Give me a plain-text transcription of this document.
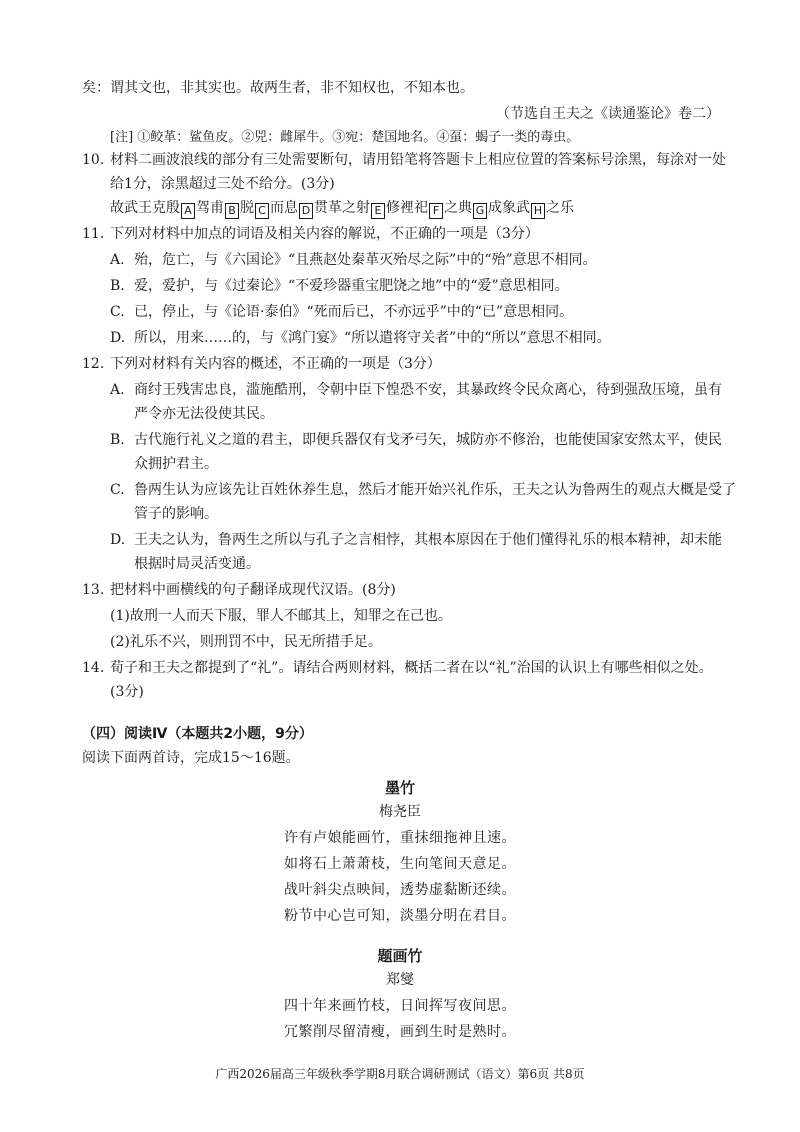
矣：谓其文也，非其实也。故两生者，非不知权也，不知本也。
（节选自王夫之《读通鉴论》卷二）
[注] ①鲛革：鲨鱼皮。②兕：雌犀牛。③宛：楚国地名。④虿：蝎子一类的毒虫。
10. 材料二画波浪线的部分有三处需要断句，请用铅笔将答题卡上相应位置的答案标号涂黑，每涂对一处
给1分，涂黑超过三处不给分。(3分)
故武王克殷 A 驾甫 B 脱 C 而息 D 贯革之射 E 修裡祀 F 之典 G 成象武 H 之乐
11. 下列对材料中加点的词语及相关内容的解说，不正确的一项是（3分）
A. 殆，危亡，与《六国论》“且燕赵处秦革灭殆尽之际”中的“殆”意思不相同。
B. 爱，爱护，与《过秦论》“不爱珍器重宝肥饶之地”中的“爱”意思相同。
C. 已，停止，与《论语·泰伯》“死而后已，不亦远乎”中的“已”意思相同。
D. 所以，用来……的，与《鸿门宴》“所以遣将守关者”中的“所以”意思不相同。
12. 下列对材料有关内容的概述，不正确的一项是（3分）
A. 商纣王残害忠良，滥施酷刑，令朝中臣下惶恐不安，其暴政终令民众离心，待到强敌压境，虽有
严令亦无法役使其民。
B. 古代施行礼义之道的君主，即便兵器仅有戈矛弓矢，城防亦不修治，也能使国家安然太平，使民
众拥护君主。
C. 鲁两生认为应该先让百姓休养生息，然后才能开始兴礼作乐，王夫之认为鲁两生的观点大概是受了
管子的影响。
D. 王夫之认为，鲁两生之所以与孔子之言相悖，其根本原因在于他们懂得礼乐的根本精神，却未能
根据时局灵活变通。
13. 把材料中画横线的句子翻译成现代汉语。(8分)
(1)故刑一人而天下服，罪人不邮其上，知罪之在己也。
(2)礼乐不兴，则刑罚不中，民无所措手足。
14. 荀子和王夫之都提到了“礼”。请结合两则材料，概括二者在以“礼”治国的认识上有哪些相似之处。
(3分)
（四）阅读Ⅳ（本题共2小题，9分）
阅读下面两首诗，完成15～16题。
墨竹
梅尧臣
许有卢娘能画竹，重抹细拖神且速。
如将石上萧萧枝，生向笔间天意足。
战叶斜尖点映间，透势虚黏断还续。
粉节中心岂可知，淡墨分明在君目。
题画竹
郑燮
四十年来画竹枝，日间挥写夜间思。
冗繁削尽留清瘦，画到生时是熟时。
广西2026届高三年级秋季学期8月联合调研测试（语文）第6页 共8页
